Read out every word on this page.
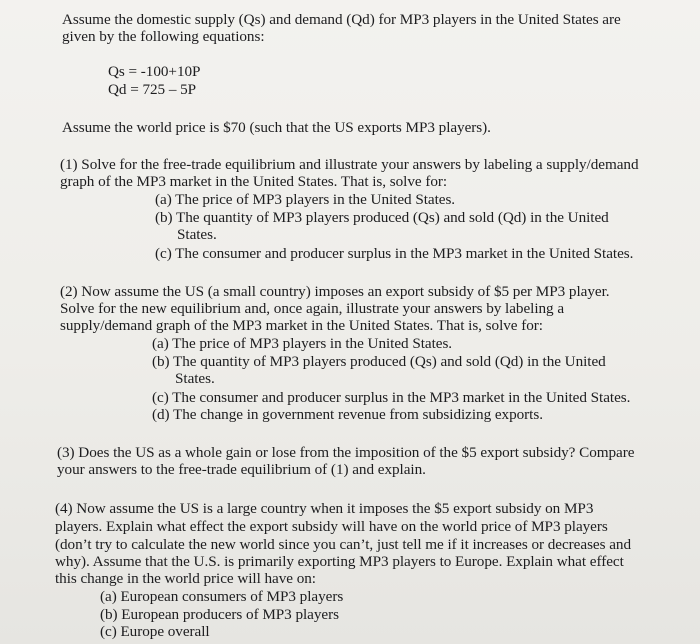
Assume the domestic supply (Qs) and demand (Qd) for MP3 players in the United States are
given by the following equations:
Qs = -100+10P
Qd = 725 – 5P
Assume the world price is $70 (such that the US exports MP3 players).
(1) Solve for the free-trade equilibrium and illustrate your answers by labeling a supply/demand
graph of the MP3 market in the United States. That is, solve for:
(a) The price of MP3 players in the United States.
(b) The quantity of MP3 players produced (Qs) and sold (Qd) in the United
States.
(c) The consumer and producer surplus in the MP3 market in the United States.
(2) Now assume the US (a small country) imposes an export subsidy of $5 per MP3 player.
Solve for the new equilibrium and, once again, illustrate your answers by labeling a
supply/demand graph of the MP3 market in the United States. That is, solve for:
(a) The price of MP3 players in the United States.
(b) The quantity of MP3 players produced (Qs) and sold (Qd) in the United
States.
(c) The consumer and producer surplus in the MP3 market in the United States.
(d) The change in government revenue from subsidizing exports.
(3) Does the US as a whole gain or lose from the imposition of the $5 export subsidy? Compare
your answers to the free-trade equilibrium of (1) and explain.
(4) Now assume the US is a large country when it imposes the $5 export subsidy on MP3
players. Explain what effect the export subsidy will have on the world price of MP3 players
(don’t try to calculate the new world since you can’t, just tell me if it increases or decreases and
why). Assume that the U.S. is primarily exporting MP3 players to Europe. Explain what effect
this change in the world price will have on:
(a) European consumers of MP3 players
(b) European producers of MP3 players
(c) Europe overall
